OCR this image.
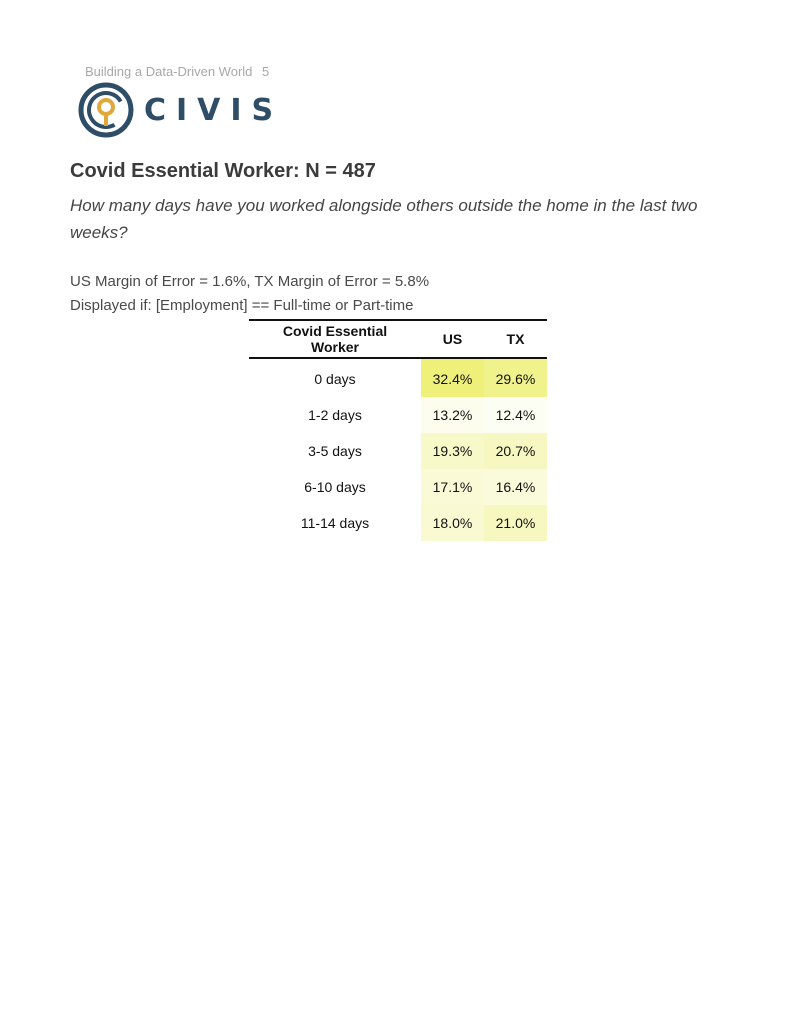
Building a Data-Driven World 5
CIVIS
Covid Essential Worker: N = 487

How many days have you worked alongside others outside the home in the last two weeks?

US Margin of Error = 1.6%, TX Margin of Error = 5.8%
Displayed if: [Employment] == Full-time or Part-time
Covid Essential Worker	US	TX
0 days	32.4%	29.6%
1-2 days	13.2%	12.4%
3-5 days	19.3%	20.7%
6-10 days	17.1%	16.4%
11-14 days	18.0%	21.0%
